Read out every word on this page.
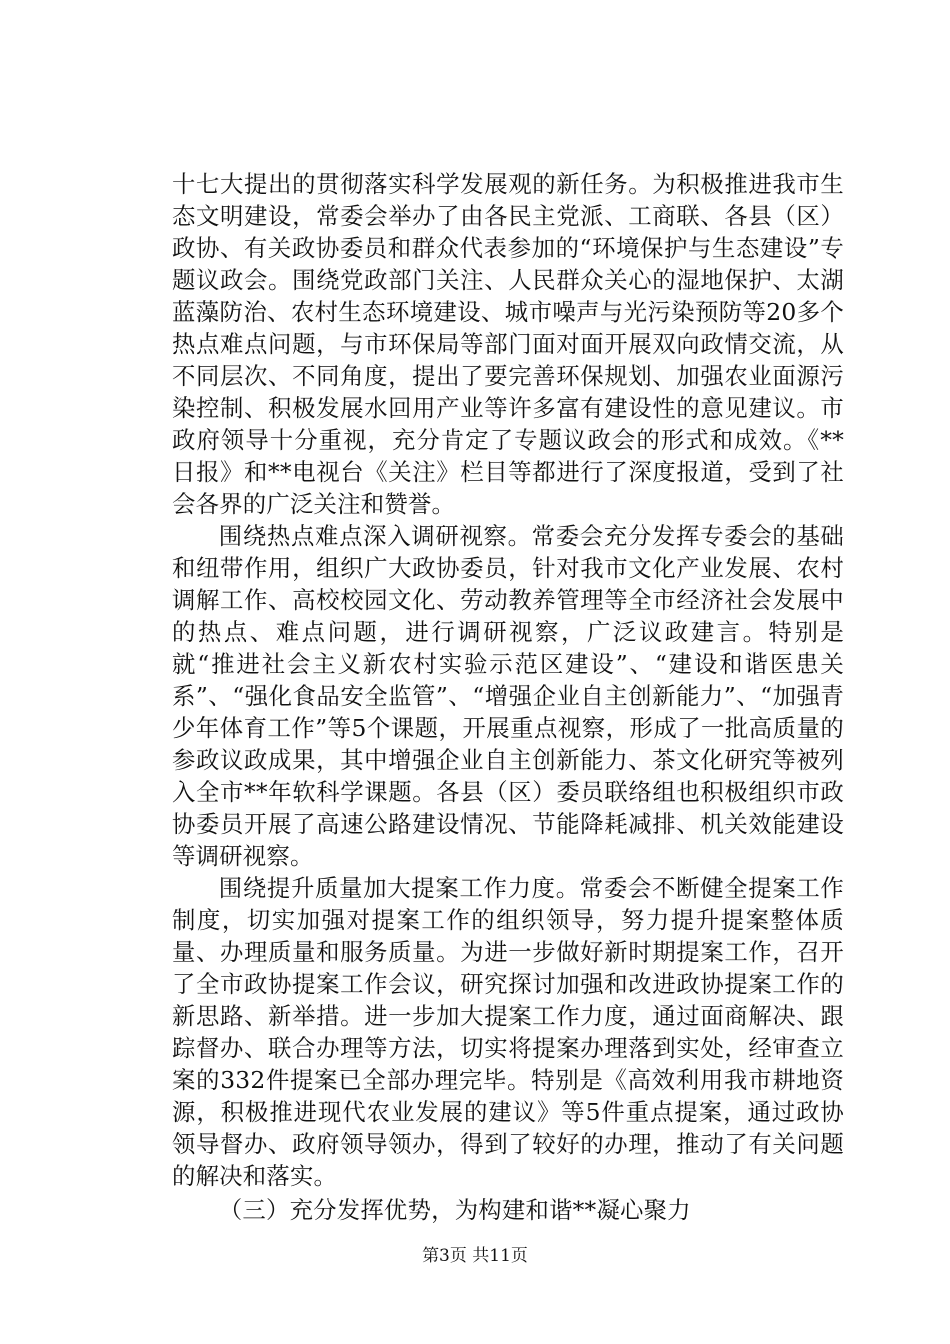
十七大提出的贯彻落实科学发展观的新任务。为积极推进我市生态文明建设，常委会举办了由各民主党派、工商联、各县（区）政协、有关政协委员和群众代表参加的“环境保护与生态建设”专题议政会。围绕党政部门关注、人民群众关心的湿地保护、太湖蓝藻防治、农村生态环境建设、城市噪声与光污染预防等20多个热点难点问题，与市环保局等部门面对面开展双向政情交流，从不同层次、不同角度，提出了要完善环保规划、加强农业面源污染控制、积极发展水回用产业等许多富有建设性的意见建议。市政府领导十分重视，充分肯定了专题议政会的形式和成效。《**日报》和**电视台《关注》栏目等都进行了深度报道，受到了社会各界的广泛关注和赞誉。

围绕热点难点深入调研视察。常委会充分发挥专委会的基础和纽带作用，组织广大政协委员，针对我市文化产业发展、农村调解工作、高校校园文化、劳动教养管理等全市经济社会发展中的热点、难点问题，进行调研视察，广泛议政建言。特别是就“推进社会主义新农村实验示范区建设”、“建设和谐医患关系”、“强化食品安全监管”、“增强企业自主创新能力”、“加强青少年体育工作”等5个课题，开展重点视察，形成了一批高质量的参政议政成果，其中增强企业自主创新能力、茶文化研究等被列入全市**年软科学课题。各县（区）委员联络组也积极组织市政协委员开展了高速公路建设情况、节能降耗减排、机关效能建设等调研视察。

围绕提升质量加大提案工作力度。常委会不断健全提案工作制度，切实加强对提案工作的组织领导，努力提升提案整体质量、办理质量和服务质量。为进一步做好新时期提案工作，召开了全市政协提案工作会议，研究探讨加强和改进政协提案工作的新思路、新举措。进一步加大提案工作力度，通过面商解决、跟踪督办、联合办理等方法，切实将提案办理落到实处，经审查立案的332件提案已全部办理完毕。特别是《高效利用我市耕地资源，积极推进现代农业发展的建议》等5件重点提案，通过政协领导督办、政府领导领办，得到了较好的办理，推动了有关问题的解决和落实。

（三）充分发挥优势，为构建和谐**凝心聚力

第3页 共11页
